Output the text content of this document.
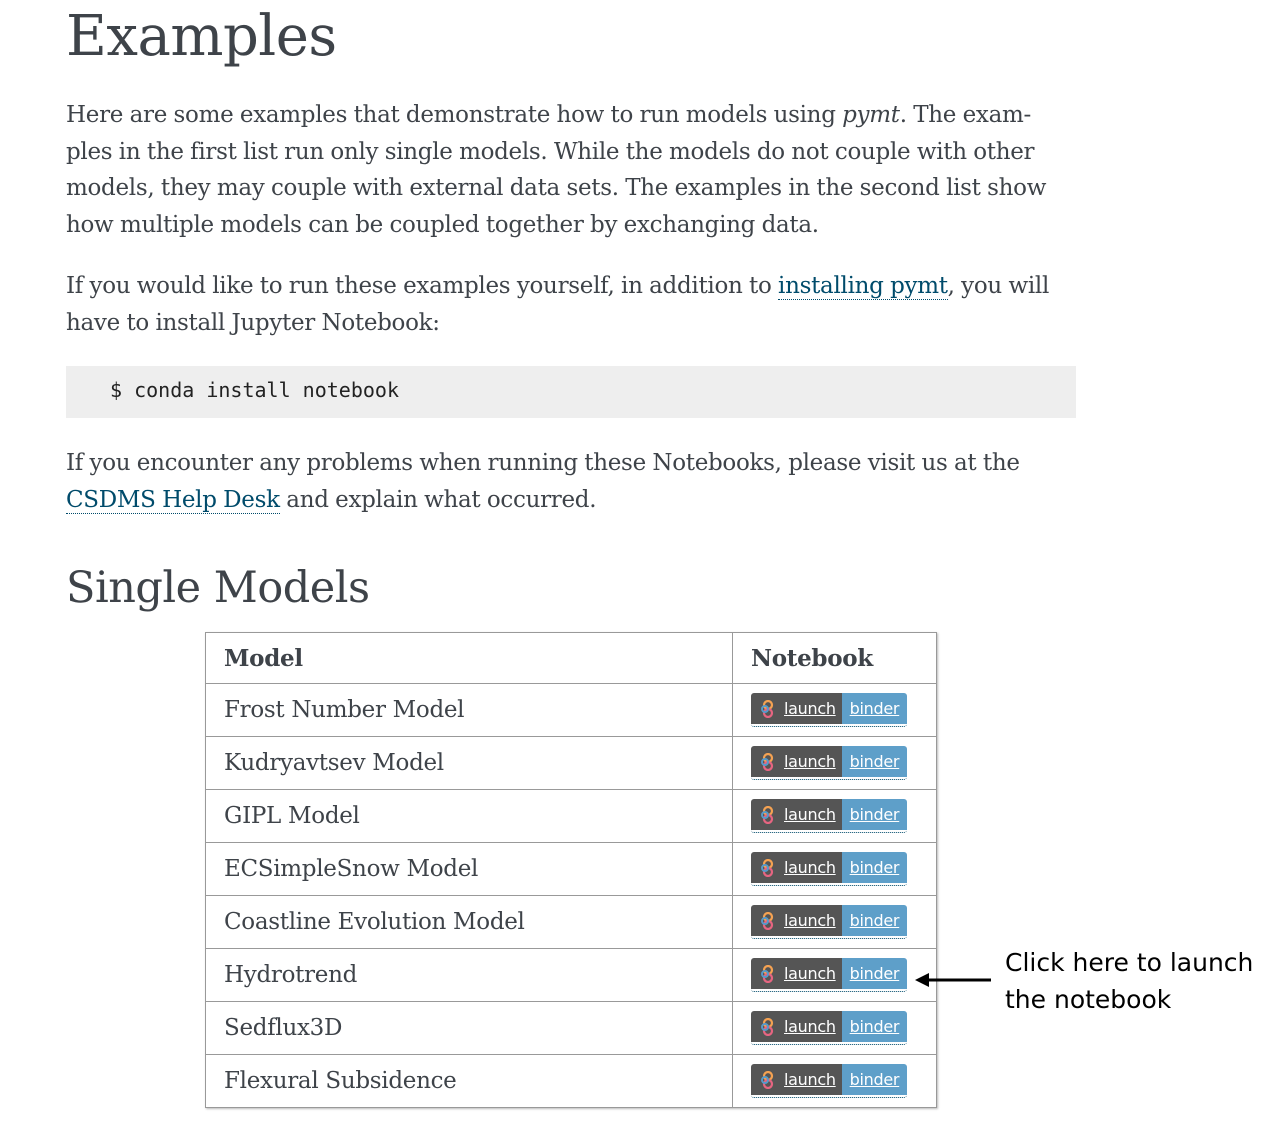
Examples

Here are some examples that demonstrate how to run models using pymt. The exam-ples in the first list run only single models. While the models do not couple with other models, they may couple with external data sets. The examples in the second list show how multiple models can be coupled together by exchanging data.

If you would like to run these examples yourself, in addition to installing pymt, you will have to install Jupyter Notebook:

$ conda install notebook

If you encounter any problems when running these Notebooks, please visit us at the CSDMS Help Desk and explain what occurred.

Single Models
Model	Notebook
Frost Number Model	launch binder

Kudryavtsev Model	launch binder

GIPL Model	launch binder

ECSimpleSnow Model	launch binder

Coastline Evolution Model	launch binder

Hydrotrend	launch binder

Sedflux3D	launch binder

Flexural Subsidence	launch binder
Click here to launch
the notebook
